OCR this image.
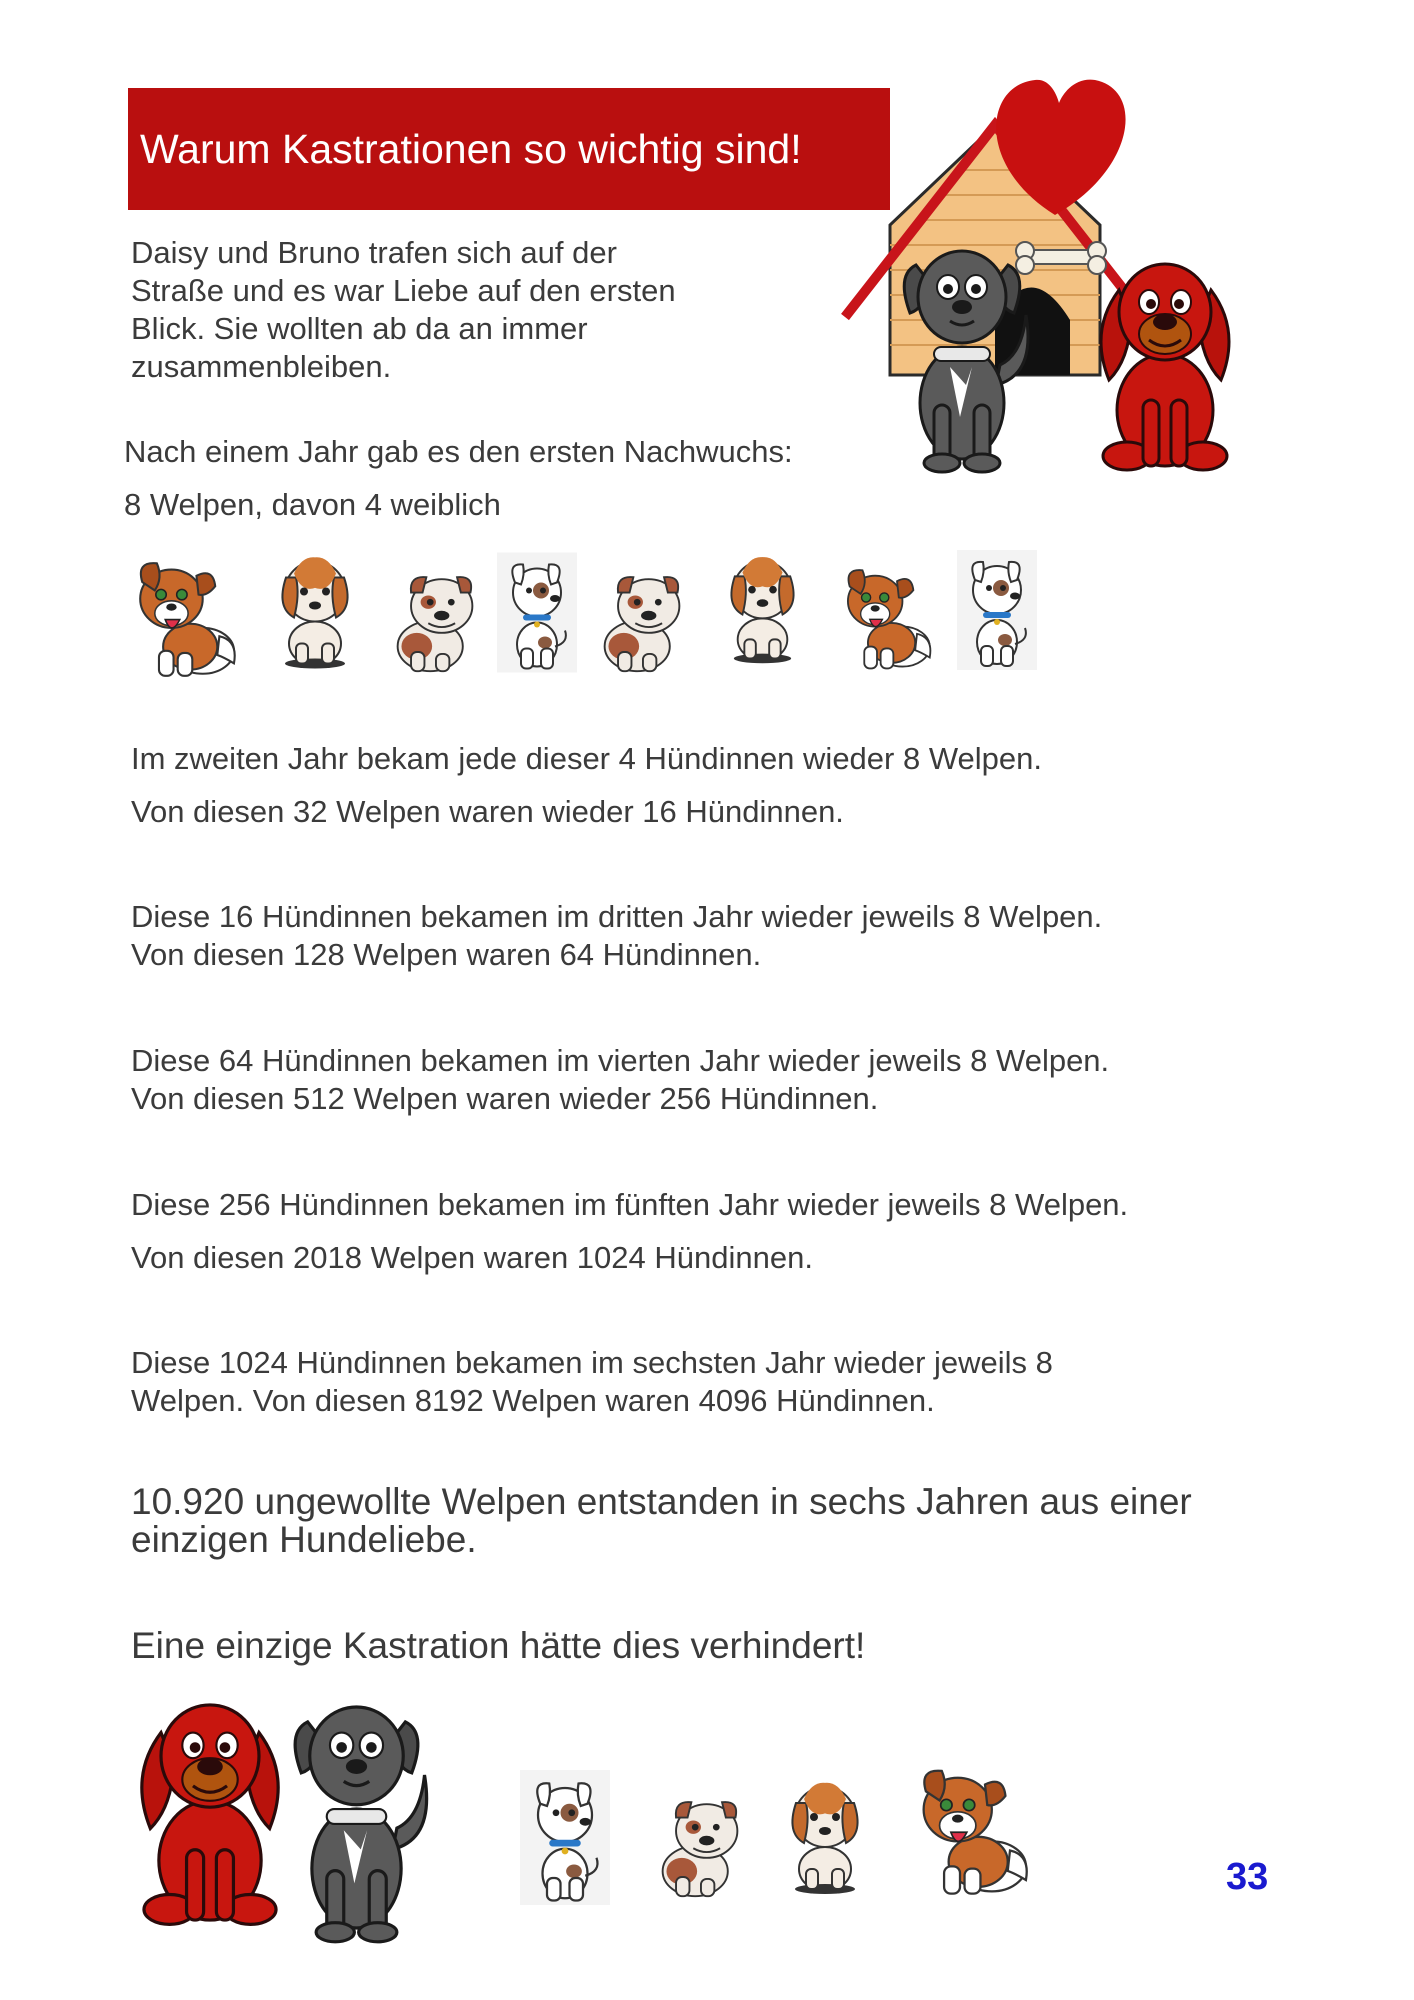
Warum Kastrationen so wichtig sind!
Daisy und Bruno trafen sich auf der
Straße und es war Liebe auf den ersten
Blick. Sie wollten ab da an immer
zusammenbleiben.
Nach einem Jahr gab es den ersten Nachwuchs:
8 Welpen, davon 4 weiblich
Im zweiten Jahr bekam jede dieser 4 Hündinnen wieder 8 Welpen.
Von diesen 32 Welpen waren wieder 16 Hündinnen.
Diese 16 Hündinnen bekamen im dritten Jahr wieder jeweils 8 Welpen.
Von diesen 128 Welpen waren 64 Hündinnen.
Diese 64 Hündinnen bekamen im vierten Jahr wieder jeweils 8 Welpen.
Von diesen 512 Welpen waren wieder 256 Hündinnen.
Diese 256 Hündinnen bekamen im fünften Jahr wieder jeweils 8 Welpen.
Von diesen 2018 Welpen waren 1024 Hündinnen.
Diese 1024 Hündinnen bekamen im sechsten Jahr wieder jeweils 8
Welpen. Von diesen 8192 Welpen waren 4096 Hündinnen.
10.920 ungewollte Welpen entstanden in sechs Jahren aus einer
einzigen Hundeliebe.
Eine einzige Kastration hätte dies verhindert!
33
